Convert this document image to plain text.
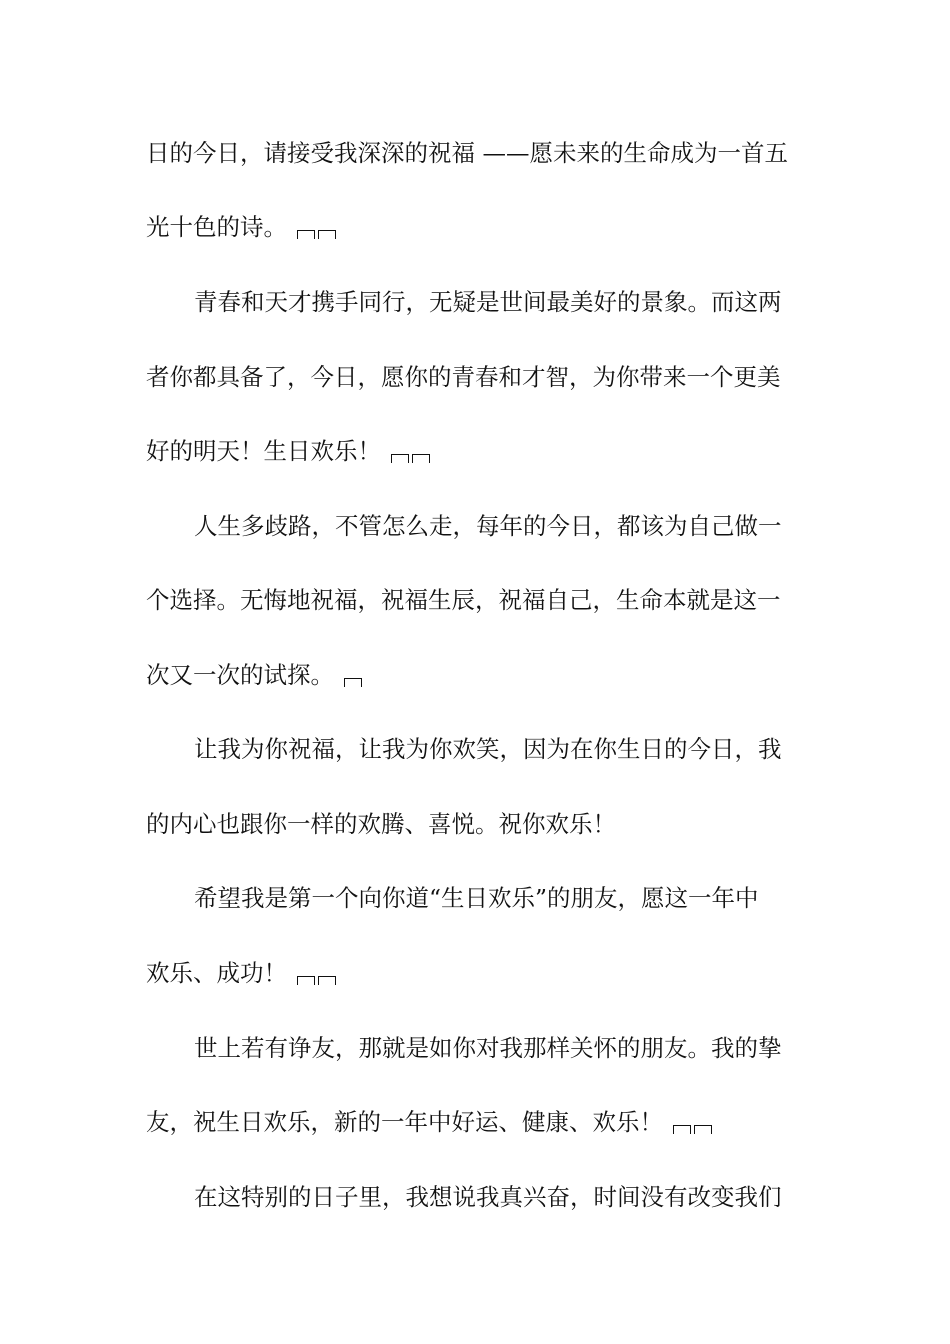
日的今日，请接受我深深的祝福 ——愿未来的生命成为一首五
光十色的诗。
青春和天才携手同行，无疑是世间最美好的景象。而这两
者你都具备了，今日，愿你的青春和才智，为你带来一个更美
好的明天！生日欢乐！
人生多歧路，不管怎么走，每年的今日，都该为自己做一
个选择。无悔地祝福，祝福生辰，祝福自己，生命本就是这一
次又一次的试探。
让我为你祝福，让我为你欢笑，因为在你生日的今日，我
的内心也跟你一样的欢腾、喜悦。祝你欢乐！
希望我是第一个向你道“生日欢乐”的朋友，愿这一年中
欢乐、成功！
世上若有诤友，那就是如你对我那样关怀的朋友。我的挚
友，祝生日欢乐，新的一年中好运、健康、欢乐！
在这特别的日子里，我想说我真兴奋，时间没有改变我们
